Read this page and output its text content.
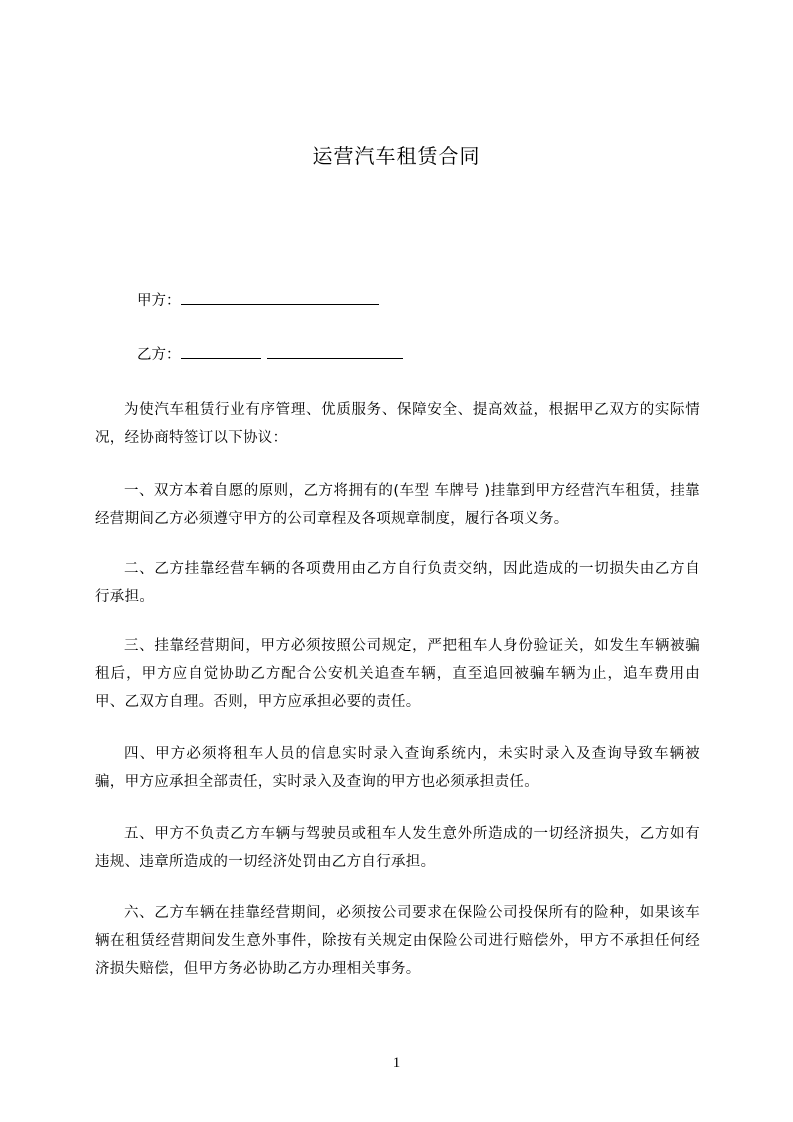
运营汽车租赁合同
甲方：
乙方：

为使汽车租赁行业有序管理、优质服务、保障安全、提高效益，根据甲乙双方的实际情况，经协商特签订以下协议：

一、双方本着自愿的原则，乙方将拥有的(车型 车牌号 )挂靠到甲方经营汽车租赁，挂靠经营期间乙方必须遵守甲方的公司章程及各项规章制度，履行各项义务。

二、乙方挂靠经营车辆的各项费用由乙方自行负责交纳，因此造成的一切损失由乙方自行承担。

三、挂靠经营期间，甲方必须按照公司规定，严把租车人身份验证关，如发生车辆被骗租后，甲方应自觉协助乙方配合公安机关追查车辆，直至追回被骗车辆为止，追车费用由甲、乙双方自理。否则，甲方应承担必要的责任。

四、甲方必须将租车人员的信息实时录入查询系统内，未实时录入及查询导致车辆被骗，甲方应承担全部责任，实时录入及查询的甲方也必须承担责任。

五、甲方不负责乙方车辆与驾驶员或租车人发生意外所造成的一切经济损失，乙方如有违规、违章所造成的一切经济处罚由乙方自行承担。

六、乙方车辆在挂靠经营期间，必须按公司要求在保险公司投保所有的险种，如果该车辆在租赁经营期间发生意外事件，除按有关规定由保险公司进行赔偿外，甲方不承担任何经济损失赔偿，但甲方务必协助乙方办理相关事务。

1
